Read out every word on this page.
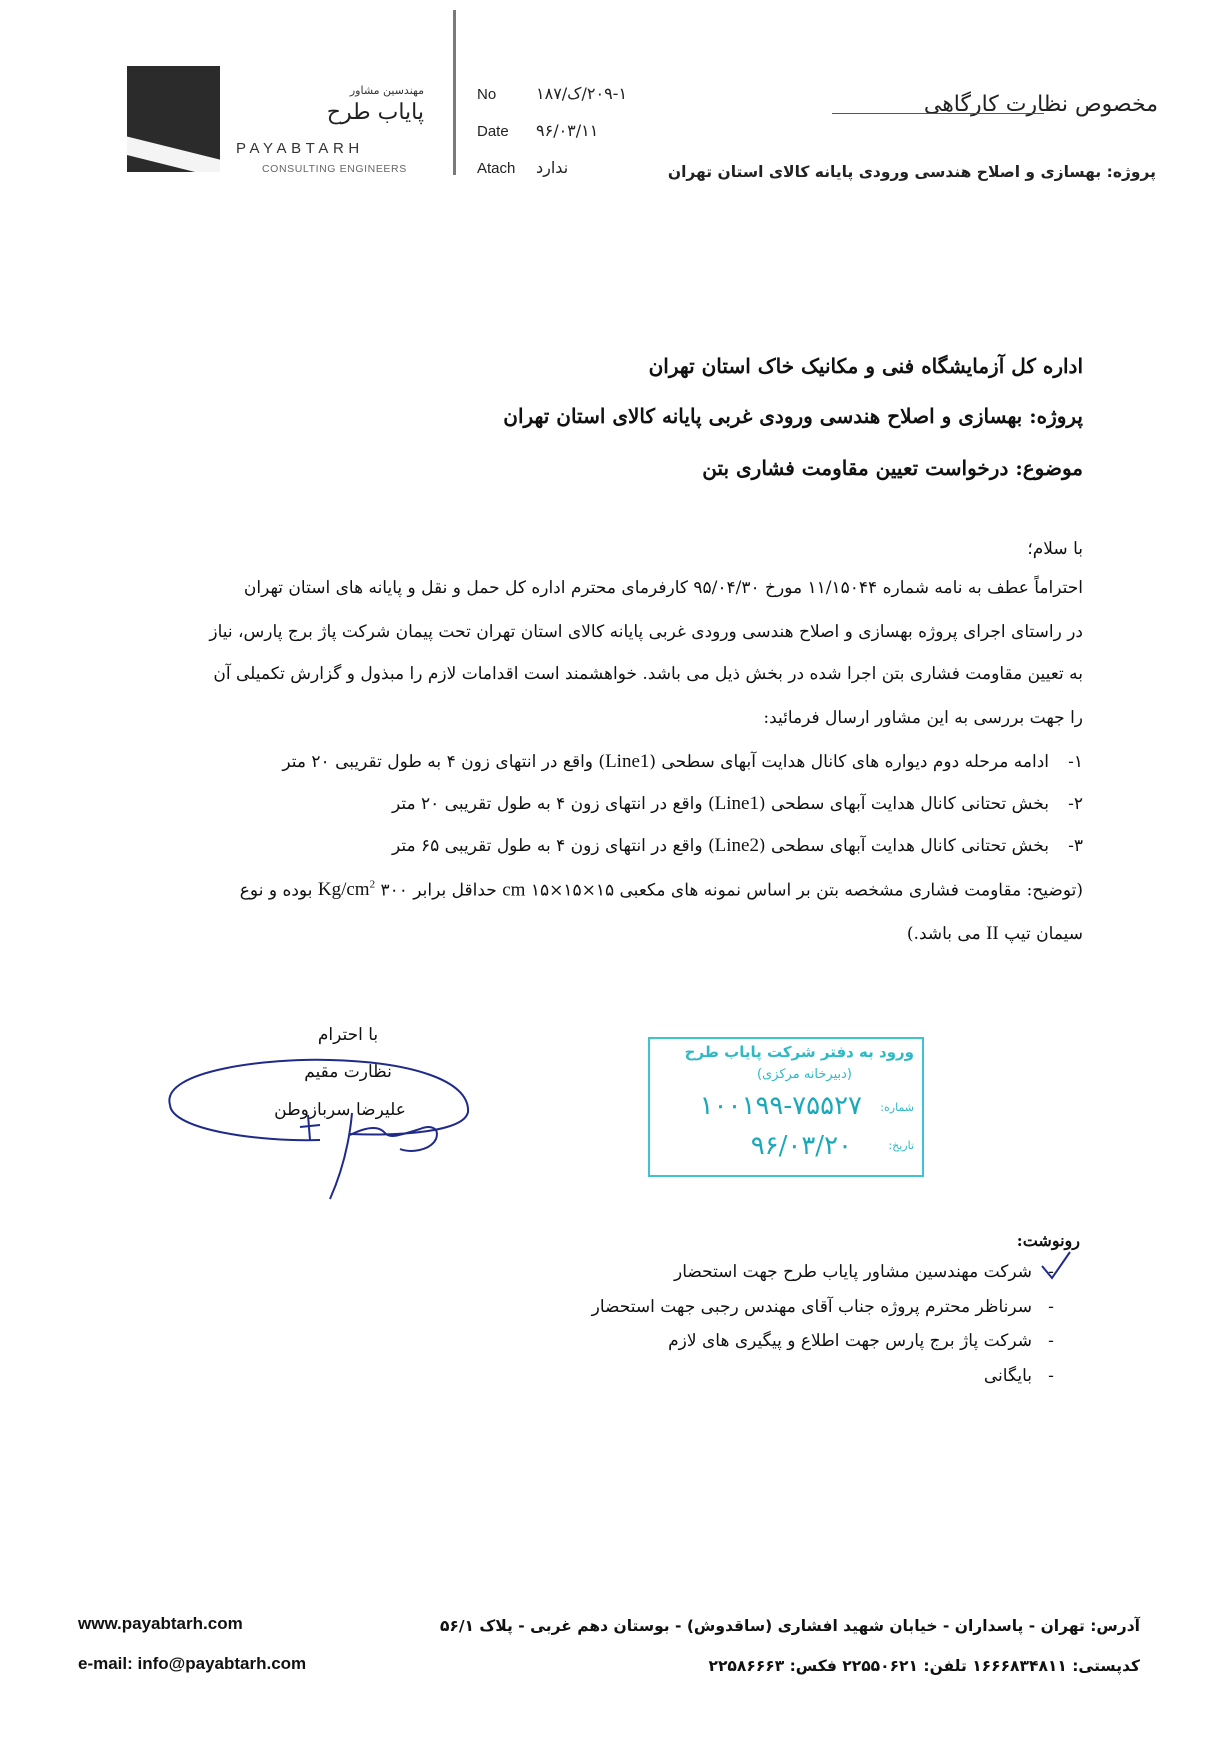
مهندسین مشاور
پایاب طرح
PAYABTARH
CONSULTING ENGINEERS
No ۲۰۹-۱/ک/۱۸۷
Date ۹۶/۰۳/۱۱
Atach ندارد
مخصوص نظارت کارگاهی
پروژه: بهسازی و اصلاح هندسی ورودی پایانه کالای استان تهران
اداره کل آزمایشگاه فنی و مکانیک خاک استان تهران
پروژه: بهسازی و اصلاح هندسی ورودی غربی پایانه کالای استان تهران
موضوع: درخواست تعیین مقاومت فشاری بتن
با سلام؛
احتراماً عطف به نامه شماره ۱۱/۱۵۰۴۴ مورخ ۹۵/۰۴/۳۰ کارفرمای محترم اداره کل حمل و نقل و پایانه های استان تهران
در راستای اجرای پروژه بهسازی و اصلاح هندسی ورودی غربی پایانه کالای استان تهران تحت پیمان شرکت پاژ برج پارس، نیاز
به تعیین مقاومت فشاری بتن اجرا شده در بخش ذیل می باشد. خواهشمند است اقدامات لازم را مبذول و گزارش تکمیلی آن
را جهت بررسی به این مشاور ارسال فرمائید:
۱-ادامه مرحله دوم دیواره های کانال هدایت آبهای سطحی (Line1) واقع در انتهای زون ۴ به طول تقریبی ۲۰ متر
۲-بخش تحتانی کانال هدایت آبهای سطحی (Line1) واقع در انتهای زون ۴ به طول تقریبی ۲۰ متر
۳-بخش تحتانی کانال هدایت آبهای سطحی (Line2) واقع در انتهای زون ۴ به طول تقریبی ۶۵ متر
(توضیح: مقاومت فشاری مشخصه بتن بر اساس نمونه های مکعبی cm ۱۵×۱۵×۱۵ حداقل برابر $Kg/cm^2$ ۳۰۰ بوده و نوع
سیمان تیپ II می باشد.)
با احترام
نظارت مقیم
علیرضا سربازوطن
ورود به دفتر شرکت پایاب طرح
(دبیرخانه مرکزی)
شماره:
۱۰۰۱۹۹-۷۵۵۲۷
تاریخ:
۹۶/۰۳/۲۰
رونوشت:
-شرکت مهندسین مشاور پایاب طرح جهت استحضار
-سرناظر محترم پروژه جناب آقای مهندس رجبی جهت استحضار
-شرکت پاژ برج پارس جهت اطلاع و پیگیری های لازم
-بایگانی
www.payabtarh.com
e-mail: info@payabtarh.com
آدرس: تهران - پاسداران - خیابان شهید افشاری (ساقدوش) - بوستان دهم غربی - پلاک ۵۶/۱
کدپستی: ۱۶۶۶۸۳۴۸۱۱ تلفن: ۲۲۵۵۰۶۲۱ فکس: ۲۲۵۸۶۶۶۳
